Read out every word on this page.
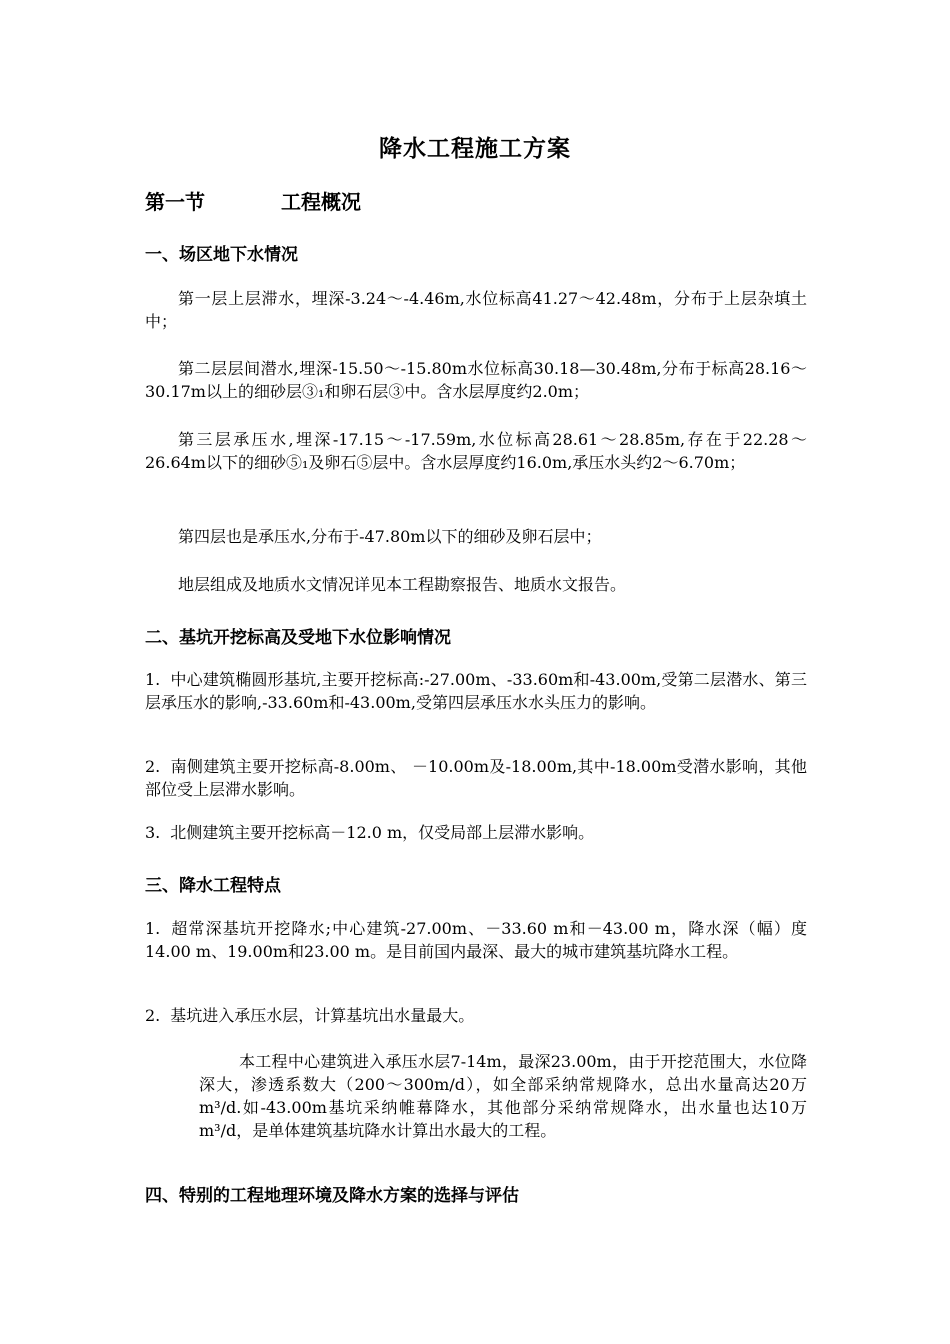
降水工程施工方案
第一节	工程概况
一、场区地下水情况
第一层上层滞水，埋深-3.24～-4.46m,水位标高41.27～42.48m，分布于上层杂填土中；
第二层层间潜水,埋深-15.50～-15.80m水位标高30.18—30.48m,分布于标高28.16～30.17m以上的细砂层③₁和卵石层③中。含水层厚度约2.0m；
第三层承压水,埋深-17.15～-17.59m,水位标高28.61～28.85m,存在于22.28～26.64m以下的细砂⑤₁及卵石⑤层中。含水层厚度约16.0m,承压水头约2～6.70m；
第四层也是承压水,分布于-47.80m以下的细砂及卵石层中；
地层组成及地质水文情况详见本工程勘察报告、地质水文报告。
二、基坑开挖标高及受地下水位影响情况
1. 中心建筑椭圆形基坑,主要开挖标高:-27.00m、-33.60m和-43.00m,受第二层潜水、第三层承压水的影响,-33.60m和-43.00m,受第四层承压水水头压力的影响。
2. 南侧建筑主要开挖标高-8.00m、 －10.00m及-18.00m,其中-18.00m受潜水影响，其他部位受上层滞水影响。
3. 北侧建筑主要开挖标高－12.0 m，仅受局部上层滞水影响。
三、降水工程特点
1. 超常深基坑开挖降水;中心建筑-27.00m、－33.60 m和－43.00 m，降水深（幅）度14.00 m、19.00m和23.00 m。是目前国内最深、最大的城市建筑基坑降水工程。
2. 基坑进入承压水层，计算基坑出水量最大。
本工程中心建筑进入承压水层7-14m，最深23.00m，由于开挖范围大，水位降深大，渗透系数大（200～300m/d），如全部采纳常规降水，总出水量高达20万m³/d.如-43.00m基坑采纳帷幕降水，其他部分采纳常规降水，出水量也达10万m³/d，是单体建筑基坑降水计算出水最大的工程。
四、特别的工程地理环境及降水方案的选择与评估
